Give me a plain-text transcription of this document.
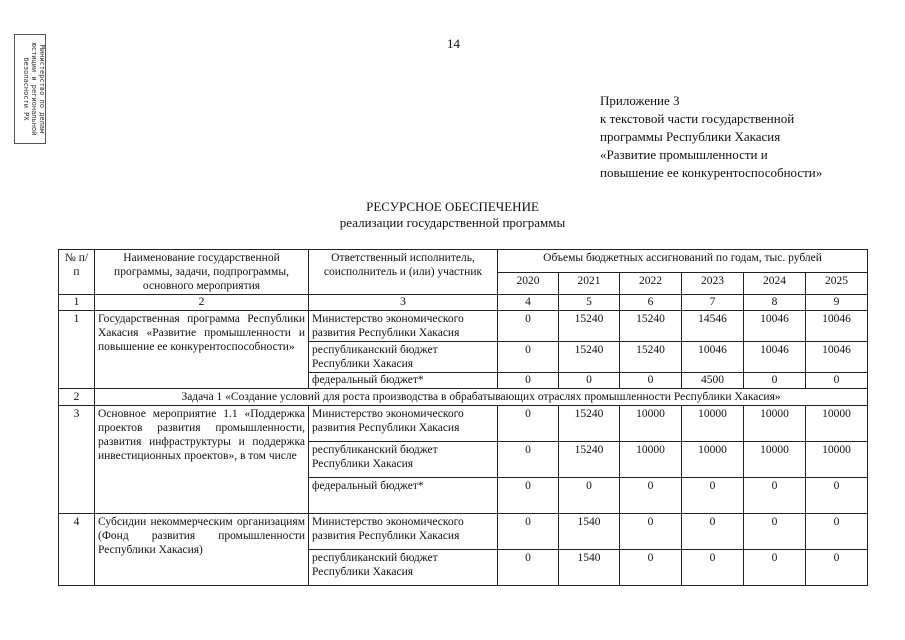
14
Министерство по делам
юстиции и региональной
безопасности РХ	Приложение 3
к текстовой части государственной
программы Республики Хакасия
«Развитие промышленности и
повышение ее конкурентоспособности»
РЕСУРСНОЕ ОБЕСПЕЧЕНИЕ
реализации государственной программы
№ п/п	Наименование государственной программы, задачи, подпрограммы, основного мероприятия	Ответственный исполнитель, соисполнитель и (или) участник	Объемы бюджетных ассигнований по годам, тыс. рублей					
			2020	2021	2022	2023	2024	2025
1	2	3	4	5	6	7	8	9
1	Государственная программа Республики Хакасия «Развитие промышленности и повышение ее конкурентоспособности»	Министерство экономического развития Республики Хакасия	0	15240	15240	14546	10046	10046
		республиканский бюджет Республики Хакасия	0	15240	15240	10046	10046	10046
		федеральный бюджет*	0	0	0	4500	0	0
2	Задача 1 «Создание условий для роста производства в обрабатывающих отраслях промышленности Республики Хакасия»							
3	Основное мероприятие 1.1 «Поддержка проектов развития промышленности, развития инфраструктуры и поддержка инвестиционных проектов», в том числе	Министерство экономического развития Республики Хакасия	0	15240	10000	10000	10000	10000
		республиканский бюджет Республики Хакасия	0	15240	10000	10000	10000	10000
		федеральный бюджет*	0	0	0	0	0	0
4	Субсидии некоммерческим организациям (Фонд развития промышленности Республики Хакасия)	Министерство экономического развития Республики Хакасия	0	1540	0	0	0	0
		республиканский бюджет Республики Хакасия	0	1540	0	0	0	0
